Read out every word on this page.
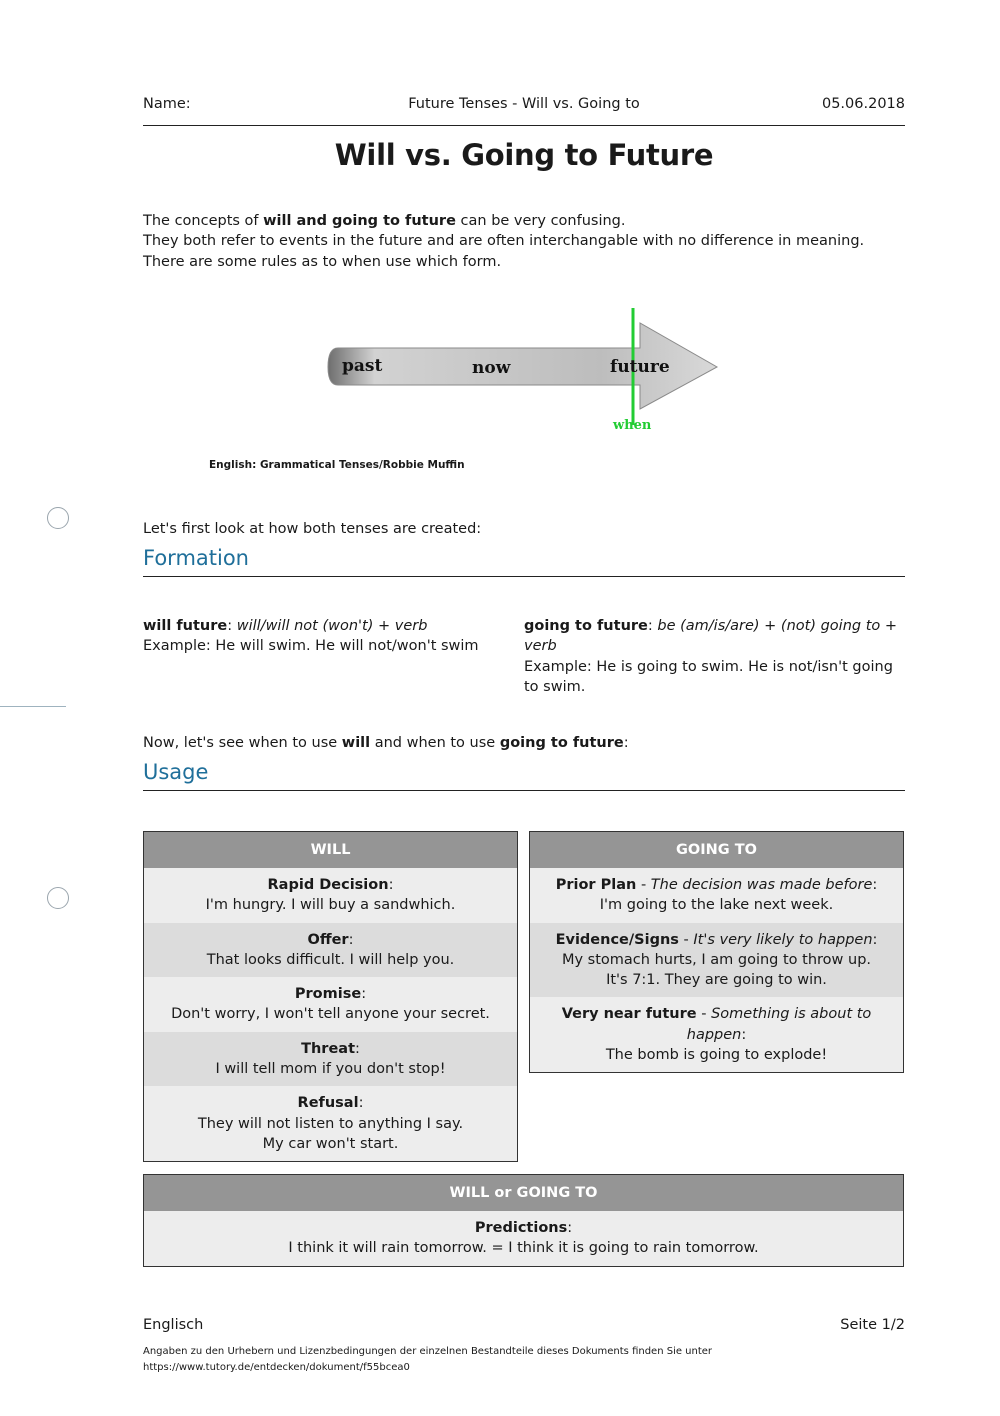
Name:	Future Tenses - Will vs. Going to	05.06.2018
Will vs. Going to Future
The concepts of will and going to future can be very confusing.
They both refer to events in the future and are often interchangable with no difference in meaning.
There are some rules as to when use which form.
past	now	future
when
English: Grammatical Tenses/Robbie Muffin
Let's first look at how both tenses are created:
Formation
will future: will/will not (won't) + verb
Example: He will swim. He will not/won't swim
going to future: be (am/is/are) + (not) going to + verb
Example: He is going to swim. He is not/isn't going to swim.
Now, let's see when to use will and when to use going to future:
Usage
WILL
Rapid Decision:
I'm hungry. I will buy a sandwhich.
Offer:
That looks difficult. I will help you.
Promise:
Don't worry, I won't tell anyone your secret.
Threat:
I will tell mom if you don't stop!
Refusal:
They will not listen to anything I say.
My car won't start.
GOING TO
Prior Plan - The decision was made before:
I'm going to the lake next week.
Evidence/Signs - It's very likely to happen:
My stomach hurts, I am going to throw up.
It's 7:1. They are going to win.
Very near future - Something is about to happen:
The bomb is going to explode!
WILL or GOING TO
Predictions:
I think it will rain tomorrow. = I think it is going to rain tomorrow.
Englisch	Seite 1/2
Angaben zu den Urhebern und Lizenzbedingungen der einzelnen Bestandteile dieses Dokuments finden Sie unter
https://www.tutory.de/entdecken/dokument/f55bcea0
